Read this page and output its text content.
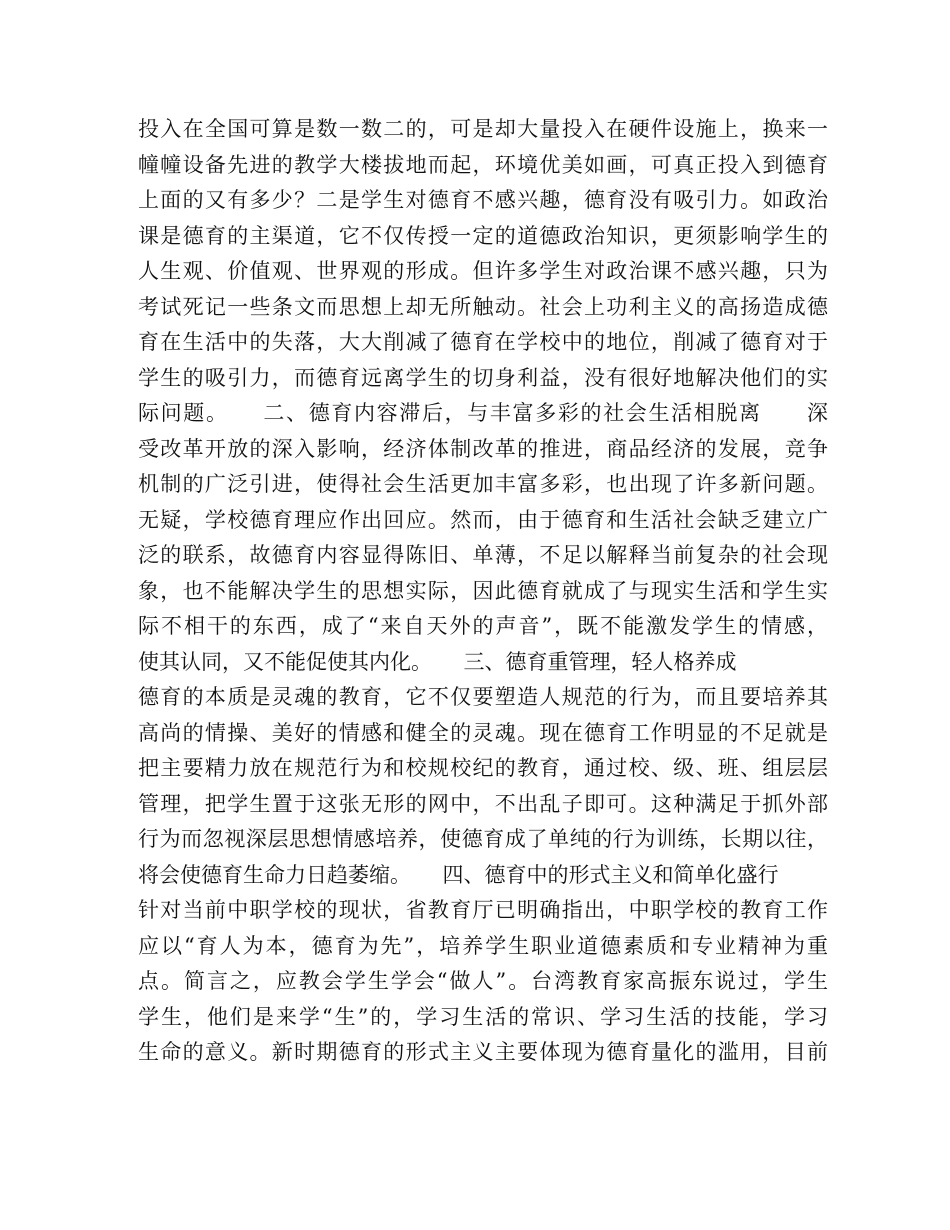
投入在全国可算是数一数二的，可是却大量投入在硬件设施上，换来一
幢幢设备先进的教学大楼拔地而起，环境优美如画，可真正投入到德育
上面的又有多少？二是学生对德育不感兴趣，德育没有吸引力。如政治
课是德育的主渠道，它不仅传授一定的道德政治知识，更须影响学生的
人生观、价值观、世界观的形成。但许多学生对政治课不感兴趣，只为
考试死记一些条文而思想上却无所触动。社会上功利主义的高扬造成德
育在生活中的失落，大大削减了德育在学校中的地位，削减了德育对于
学生的吸引力，而德育远离学生的切身利益，没有很好地解决他们的实
际问题。　　二、德育内容滞后，与丰富多彩的社会生活相脱离　　深
受改革开放的深入影响，经济体制改革的推进，商品经济的发展，竞争
机制的广泛引进，使得社会生活更加丰富多彩，也出现了许多新问题。
无疑，学校德育理应作出回应。然而，由于德育和生活社会缺乏建立广
泛的联系，故德育内容显得陈旧、单薄，不足以解释当前复杂的社会现
象，也不能解决学生的思想实际，因此德育就成了与现实生活和学生实
际不相干的东西，成了“来自天外的声音”，既不能激发学生的情感，
使其认同，又不能促使其内化。　　三、德育重管理，轻人格养成
德育的本质是灵魂的教育，它不仅要塑造人规范的行为，而且要培养其
高尚的情操、美好的情感和健全的灵魂。现在德育工作明显的不足就是
把主要精力放在规范行为和校规校纪的教育，通过校、级、班、组层层
管理，把学生置于这张无形的网中，不出乱子即可。这种满足于抓外部
行为而忽视深层思想情感培养，使德育成了单纯的行为训练，长期以往，
将会使德育生命力日趋萎缩。　　四、德育中的形式主义和简单化盛行
针对当前中职学校的现状，省教育厅已明确指出，中职学校的教育工作
应以“育人为本，德育为先”，培养学生职业道德素质和专业精神为重
点。简言之，应教会学生学会“做人”。台湾教育家高振东说过，学生
学生，他们是来学“生”的，学习生活的常识、学习生活的技能，学习
生命的意义。新时期德育的形式主义主要体现为德育量化的滥用，目前
